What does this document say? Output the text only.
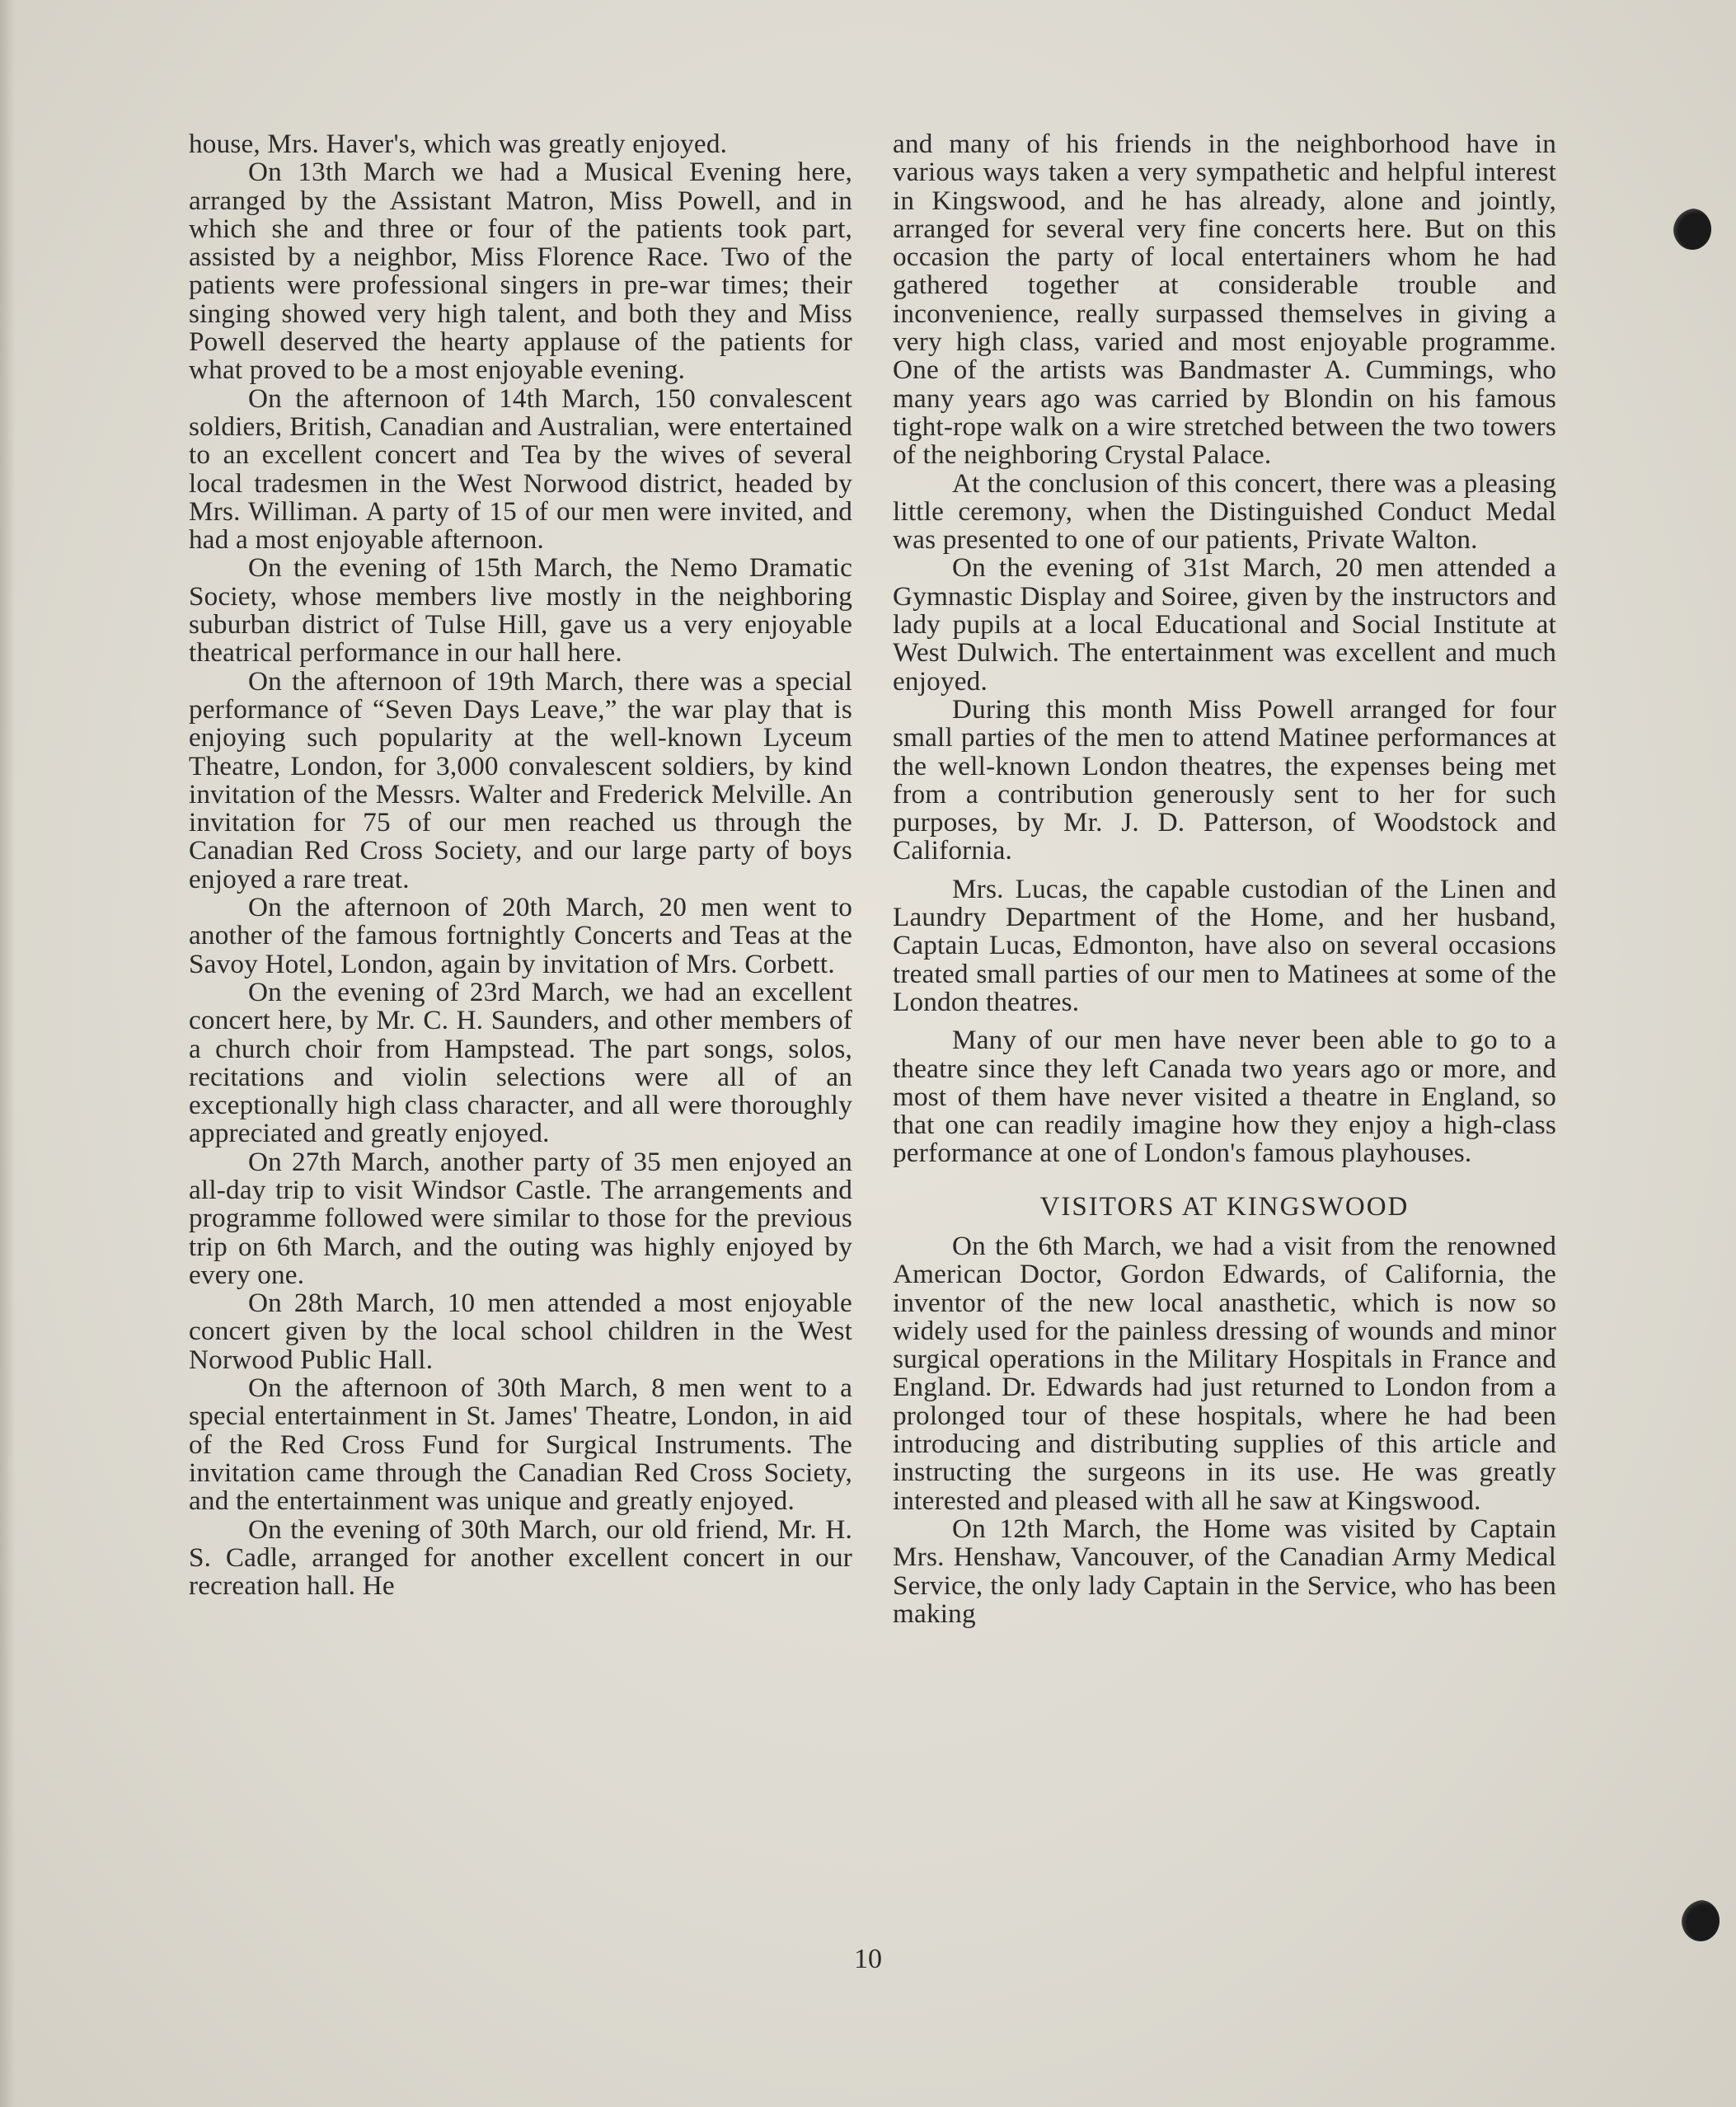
house, Mrs. Haver's, which was greatly enjoyed.

On 13th March we had a Musical Evening here, arranged by the Assistant Matron, Miss Powell, and in which she and three or four of the patients took part, assisted by a neighbor, Miss Florence Race. Two of the patients were professional singers in pre-war times; their singing showed very high talent, and both they and Miss Powell deserved the hearty applause of the patients for what proved to be a most enjoyable evening.

On the afternoon of 14th March, 150 convalescent soldiers, British, Canadian and Australian, were entertained to an excellent concert and Tea by the wives of several local tradesmen in the West Norwood district, headed by Mrs. Williman. A party of 15 of our men were invited, and had a most enjoyable afternoon.

On the evening of 15th March, the Nemo Dramatic Society, whose members live mostly in the neighboring suburban district of Tulse Hill, gave us a very enjoyable theatrical performance in our hall here.

On the afternoon of 19th March, there was a special performance of “Seven Days Leave,” the war play that is enjoying such popularity at the well-known Lyceum Theatre, London, for 3,000 convalescent soldiers, by kind invitation of the Messrs. Walter and Frederick Melville. An invitation for 75 of our men reached us through the Canadian Red Cross Society, and our large party of boys enjoyed a rare treat.

On the afternoon of 20th March, 20 men went to another of the famous fortnightly Concerts and Teas at the Savoy Hotel, London, again by invitation of Mrs. Corbett.

On the evening of 23rd March, we had an excellent concert here, by Mr. C. H. Saunders, and other members of a church choir from Hampstead. The part songs, solos, recitations and violin selections were all of an exceptionally high class character, and all were thoroughly appreciated and greatly enjoyed.

On 27th March, another party of 35 men enjoyed an all-day trip to visit Windsor Castle. The arrangements and programme followed were similar to those for the previous trip on 6th March, and the outing was highly enjoyed by every one.

On 28th March, 10 men attended a most enjoyable concert given by the local school children in the West Norwood Public Hall.

On the afternoon of 30th March, 8 men went to a special entertainment in St. James' Theatre, London, in aid of the Red Cross Fund for Surgical Instruments. The invitation came through the Canadian Red Cross Society, and the entertainment was unique and greatly enjoyed.

On the evening of 30th March, our old friend, Mr. H. S. Cadle, arranged for another excellent concert in our recreation hall. He

and many of his friends in the neighborhood have in various ways taken a very sympathetic and helpful interest in Kingswood, and he has already, alone and jointly, arranged for several very fine concerts here. But on this occasion the party of local entertainers whom he had gathered together at considerable trouble and inconvenience, really surpassed themselves in giving a very high class, varied and most enjoyable programme. One of the artists was Bandmaster A. Cummings, who many years ago was carried by Blondin on his famous tight-rope walk on a wire stretched between the two towers of the neighboring Crystal Palace.

At the conclusion of this concert, there was a pleasing little ceremony, when the Distinguished Conduct Medal was presented to one of our patients, Private Walton.

On the evening of 31st March, 20 men attended a Gymnastic Display and Soiree, given by the instructors and lady pupils at a local Educational and Social Institute at West Dulwich. The entertainment was excellent and much enjoyed.

During this month Miss Powell arranged for four small parties of the men to attend Matinee performances at the well-known London theatres, the expenses being met from a contribution generously sent to her for such purposes, by Mr. J. D. Patterson, of Woodstock and California.

Mrs. Lucas, the capable custodian of the Linen and Laundry Department of the Home, and her husband, Captain Lucas, Edmonton, have also on several occasions treated small parties of our men to Matinees at some of the London theatres.

Many of our men have never been able to go to a theatre since they left Canada two years ago or more, and most of them have never visited a theatre in England, so that one can readily imagine how they enjoy a high-class performance at one of London's famous playhouses.

VISITORS AT KINGSWOOD

On the 6th March, we had a visit from the renowned American Doctor, Gordon Edwards, of California, the inventor of the new local anasthetic, which is now so widely used for the painless dressing of wounds and minor surgical operations in the Military Hospitals in France and England. Dr. Edwards had just returned to London from a prolonged tour of these hospitals, where he had been introducing and distributing supplies of this article and instructing the surgeons in its use. He was greatly interested and pleased with all he saw at Kingswood.

On 12th March, the Home was visited by Captain Mrs. Henshaw, Vancouver, of the Canadian Army Medical Service, the only lady Captain in the Service, who has been making

10
